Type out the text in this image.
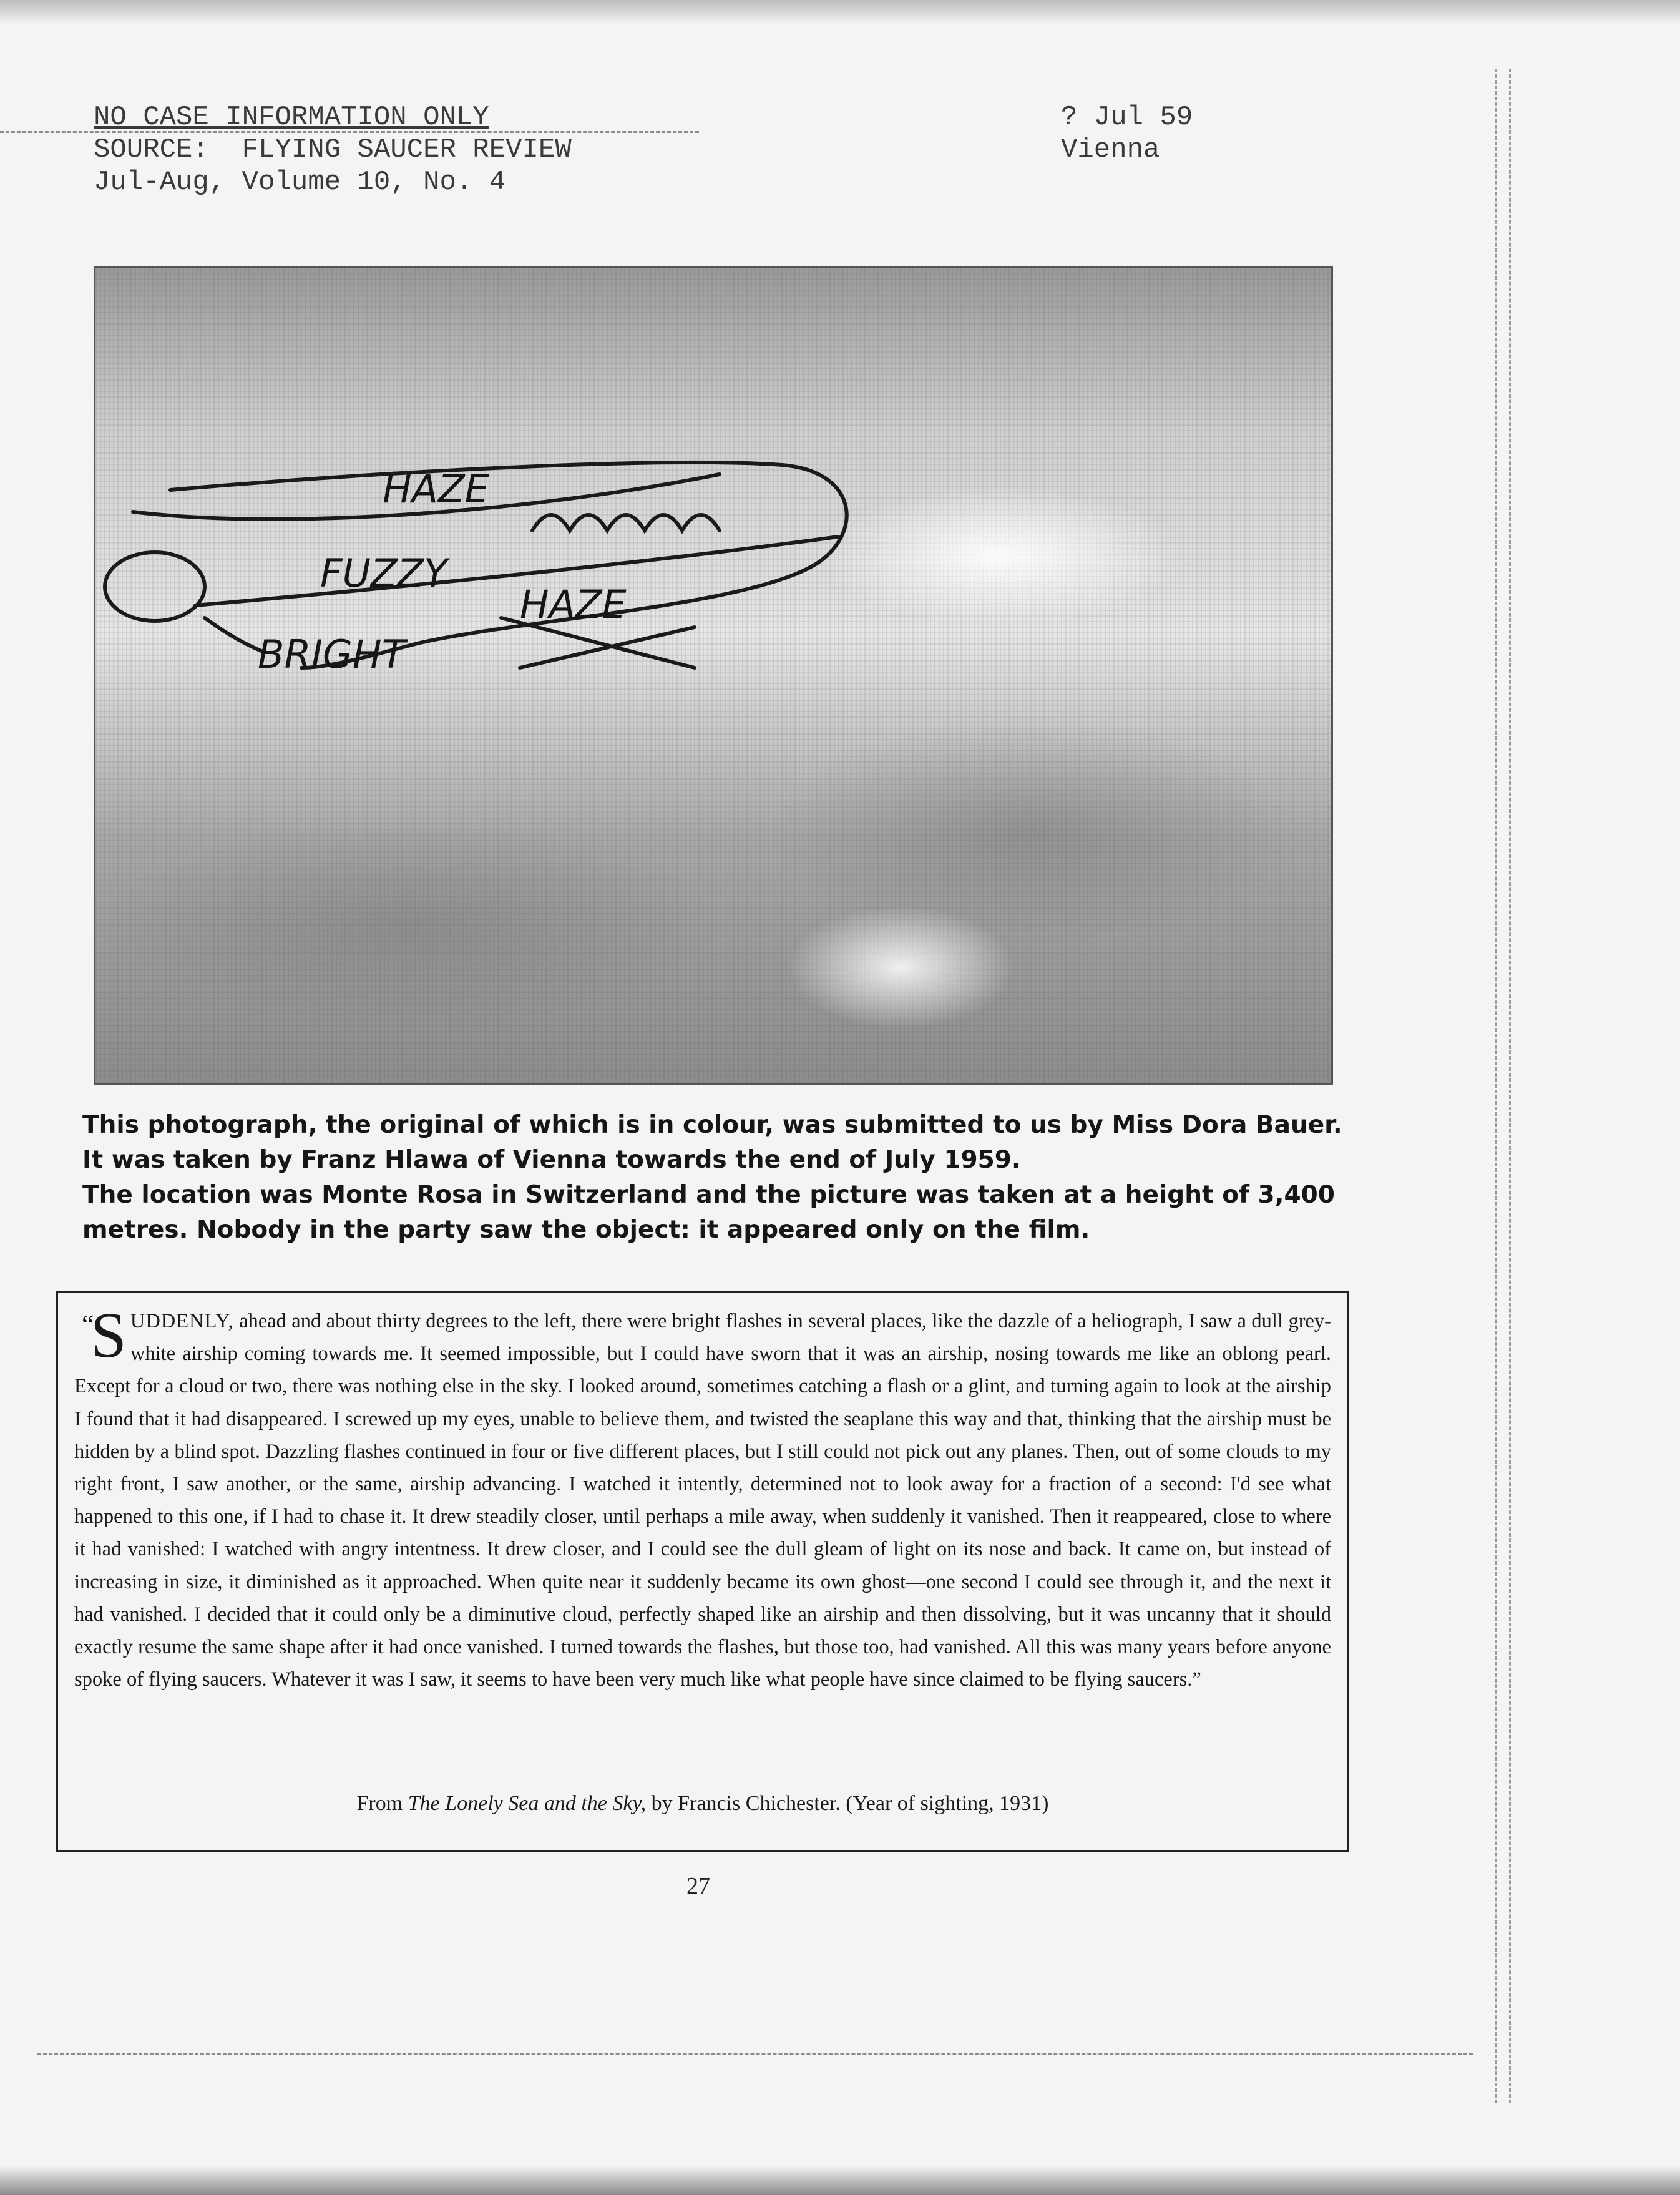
NO CASE INFORMATION ONLY
SOURCE:  FLYING SAUCER REVIEW
Jul-Aug, Volume 10, No. 4
? Jul 59
Vienna
HAZE
FUZZY
HAZE
BRIGHT

This photograph, the original of which is in colour, was submitted to us by Miss Dora Bauer.

It was taken by Franz Hlawa of Vienna towards the end of July 1959.

The location was Monte Rosa in Switzerland and the picture was taken at a height of 3,400

metres. Nobody in the party saw the object: it appeared only on the film.

“
S UDDENLY, ahead and about thirty degrees to the left, there were bright flashes in several places, like the dazzle of a heliograph, I saw a dull grey-white airship coming towards me. It seemed impossible, but I could have sworn that it was an airship, nosing towards me like an oblong pearl. Except for a cloud or two, there was nothing else in the sky. I looked around, sometimes catching a flash or a glint, and turning again to look at the airship I found that it had disappeared. I screwed up my eyes, unable to believe them, and twisted the seaplane this way and that, thinking that the airship must be hidden by a blind spot. Dazzling flashes continued in four or five different places, but I still could not pick out any planes. Then, out of some clouds to my right front, I saw another, or the same, airship advancing. I watched it intently, determined not to look away for a fraction of a second: I'd see what happened to this one, if I had to chase it. It drew steadily closer, until perhaps a mile away, when suddenly it vanished. Then it reappeared, close to where it had vanished: I watched with angry intentness. It drew closer, and I could see the dull gleam of light on its nose and back. It came on, but instead of increasing in size, it diminished as it approached. When quite near it suddenly became its own ghost—one second I could see through it, and the next it had vanished. I decided that it could only be a diminutive cloud, perfectly shaped like an airship and then dissolving, but it was uncanny that it should exactly resume the same shape after it had once vanished. I turned towards the flashes, but those too, had vanished. All this was many years before anyone spoke of flying saucers. Whatever it was I saw, it seems to have been very much like what people have since claimed to be flying saucers.”
From The Lonely Sea and the Sky, by Francis Chichester. (Year of sighting, 1931)
27
